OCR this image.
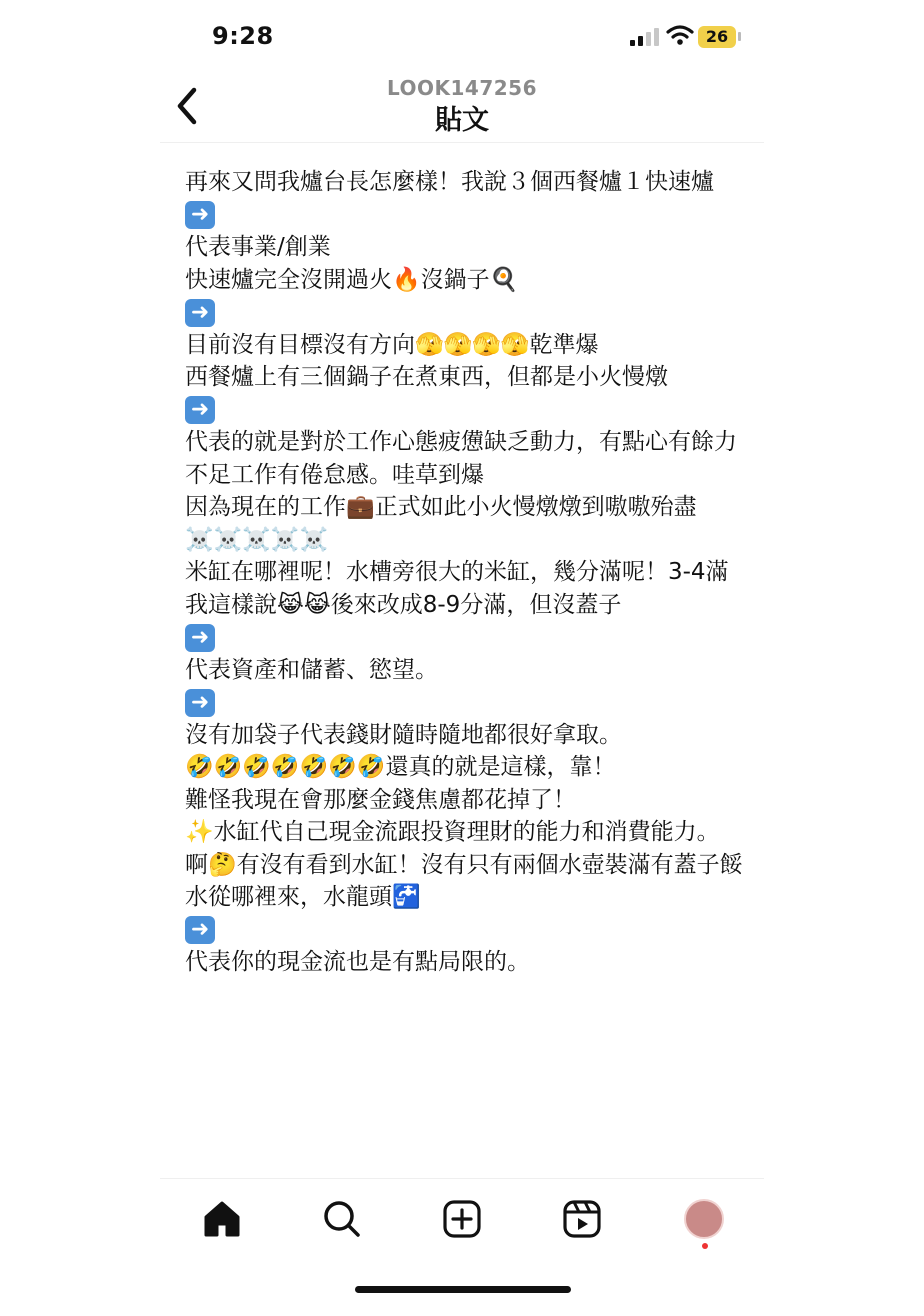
9:28	26
LOOK147256
貼文
再來又問我爐台長怎麼樣！我說３個西餐爐１快速爐
➜
代表事業/創業
快速爐完全沒開過火🔥沒鍋子🍳
➜
目前沒有目標沒有方向🫣🫣🫣🫣乾準爆
西餐爐上有三個鍋子在煮東西，但都是小火慢燉
➜
代表的就是對於工作心態疲憊缺乏動力，有點心有餘力不足工作有倦怠感。哇草到爆
因為現在的工作💼正式如此小火慢燉燉到嗷嗷殆盡☠️☠️☠️☠️☠️
米缸在哪裡呢！水槽旁很大的米缸，幾分滿呢！3-4滿我這樣說😹😹後來改成8-9分滿，但沒蓋子
➜
代表資產和儲蓄、慾望。
➜
沒有加袋子代表錢財隨時隨地都很好拿取。
🤣🤣🤣🤣🤣🤣🤣還真的就是這樣，靠！
難怪我現在會那麼金錢焦慮都花掉了！
✨水缸代自己現金流跟投資理財的能力和消費能力。
啊🤔有沒有看到水缸！沒有只有兩個水壺裝滿有蓋子餒
水從哪裡來，水龍頭🚰
➜
代表你的現金流也是有點局限的。
